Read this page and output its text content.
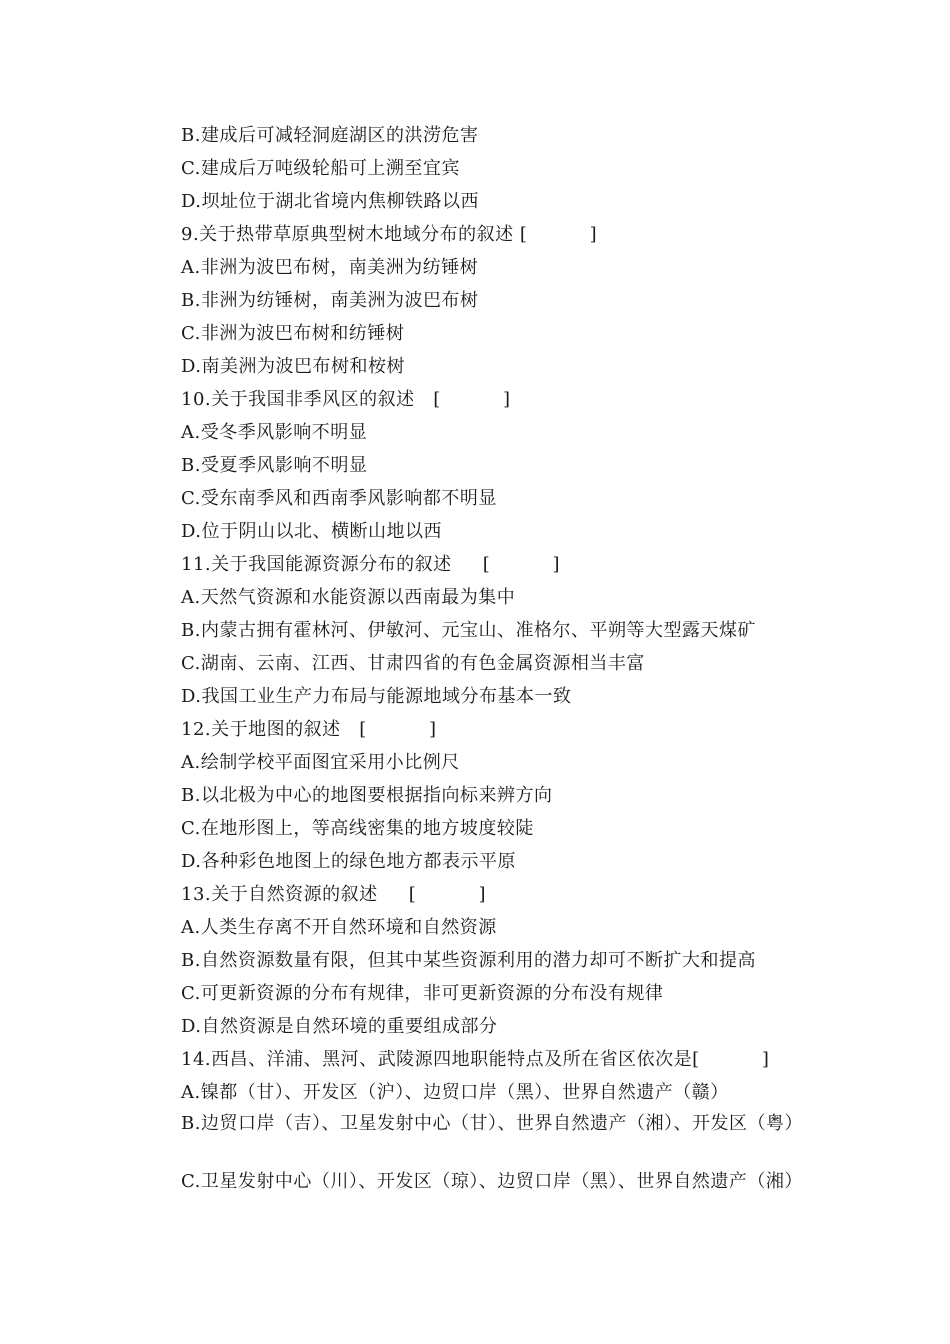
B.建成后可减轻洞庭湖区的洪涝危害
C.建成后万吨级轮船可上溯至宜宾
D.坝址位于湖北省境内焦柳铁路以西
9.关于热带草原典型树木地域分布的叙述 [          ]
A.非洲为波巴布树，南美洲为纺锤树
B.非洲为纺锤树，南美洲为波巴布树
C.非洲为波巴布树和纺锤树
D.南美洲为波巴布树和桉树
10.关于我国非季风区的叙述   [          ]
A.受冬季风影响不明显
B.受夏季风影响不明显
C.受东南季风和西南季风影响都不明显
D.位于阴山以北、横断山地以西
11.关于我国能源资源分布的叙述     [          ]
A.天然气资源和水能资源以西南最为集中
B.内蒙古拥有霍林河、伊敏河、元宝山、准格尔、平朔等大型露天煤矿
C.湖南、云南、江西、甘肃四省的有色金属资源相当丰富
D.我国工业生产力布局与能源地域分布基本一致
12.关于地图的叙述   [          ]
A.绘制学校平面图宜采用小比例尺
B.以北极为中心的地图要根据指向标来辨方向
C.在地形图上，等高线密集的地方坡度较陡
D.各种彩色地图上的绿色地方都表示平原
13.关于自然资源的叙述     [          ]
A.人类生存离不开自然环境和自然资源
B.自然资源数量有限，但其中某些资源利用的潜力却可不断扩大和提高
C.可更新资源的分布有规律，非可更新资源的分布没有规律
D.自然资源是自然环境的重要组成部分
14.西昌、洋浦、黑河、武陵源四地职能特点及所在省区依次是[          ]
A.镍都（甘）、开发区（沪）、边贸口岸（黑）、世界自然遗产（赣）
B.边贸口岸（吉）、卫星发射中心（甘）、世界自然遗产（湘）、开发区（粤）
C.卫星发射中心（川）、开发区（琼）、边贸口岸（黑）、世界自然遗产（湘）
